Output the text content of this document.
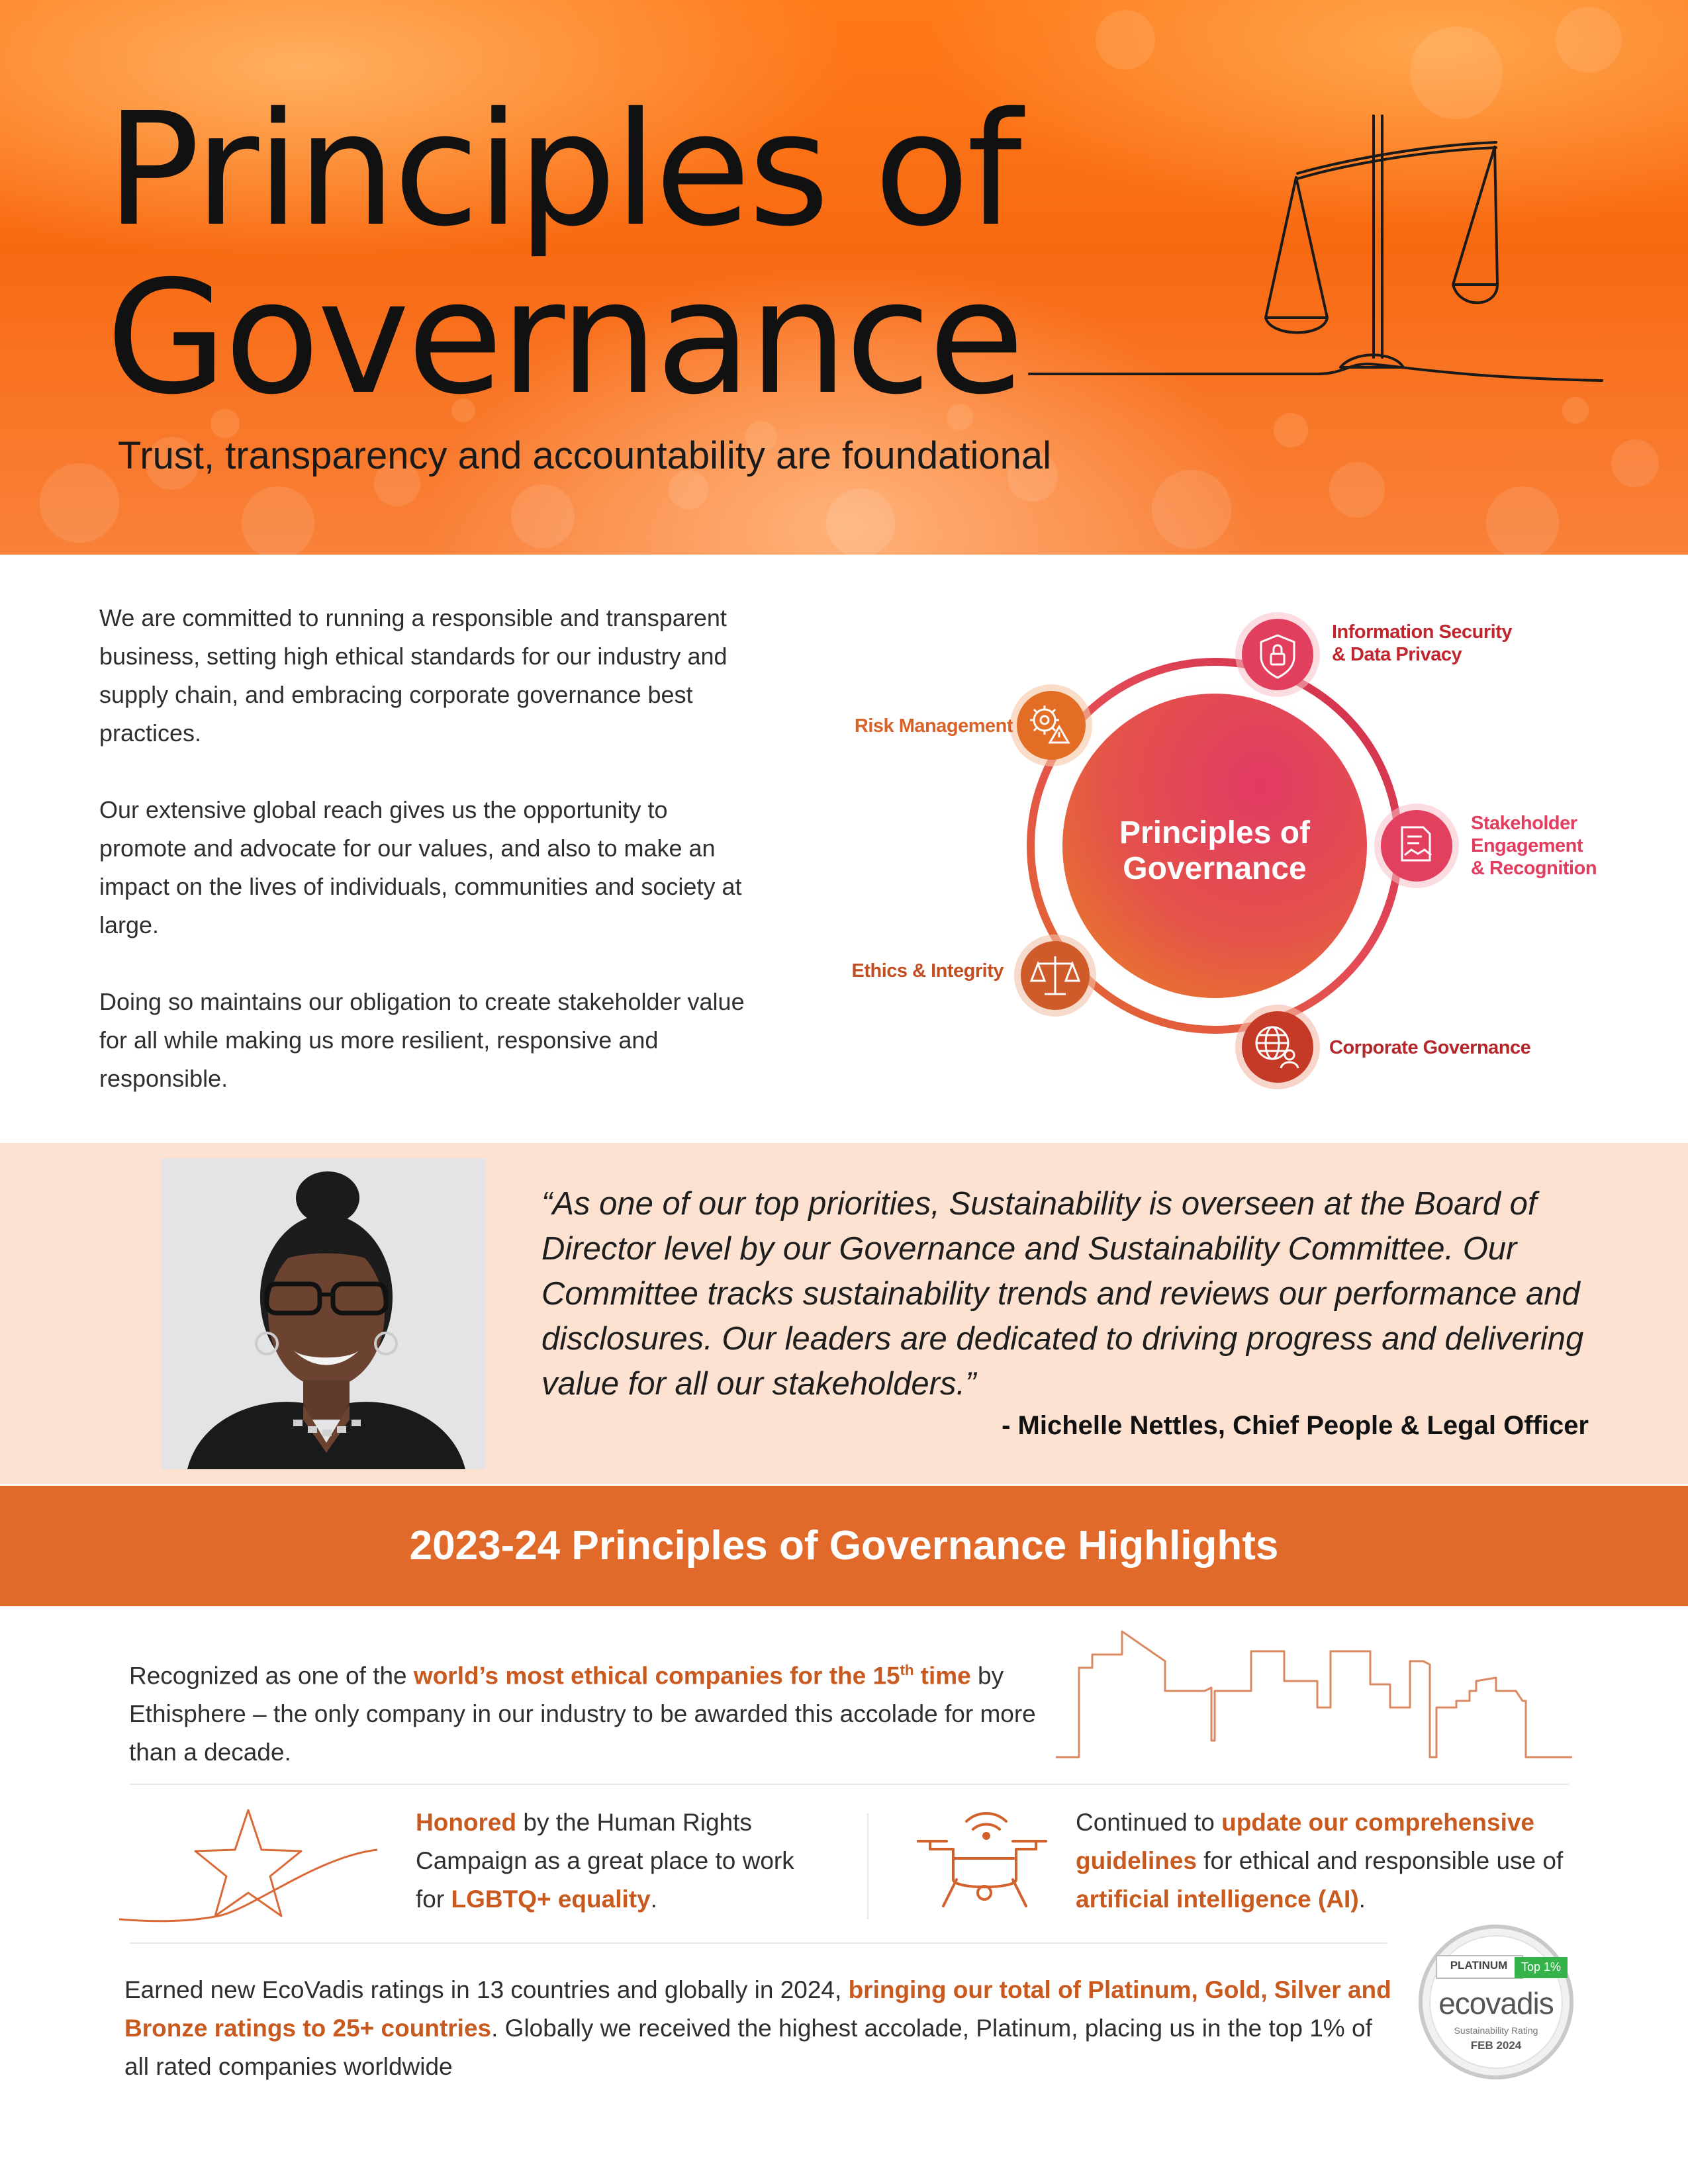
Principles of
Governance
Trust, transparency and accountability are foundational

We are committed to running a responsible and transparent business, setting high ethical standards for our industry and supply chain, and embracing corporate governance best practices.

Our extensive global reach gives us the opportunity to promote and advocate for our values, and also to make an impact on the lives of individuals, communities and society at large.

Doing so maintains our obligation to create stakeholder value for all while making us more resilient, responsive and responsible.

Principles of
Governance
Information Security
& Data Privacy
Risk Management
Stakeholder
Engagement
& Recognition
Ethics & Integrity
Corporate Governance
“As one of our top priorities, Sustainability is overseen at the Board of Director level by our Governance and Sustainability Committee. Our Committee tracks sustainability trends and reviews our performance and disclosures. Our leaders are dedicated to driving progress and delivering value for all our stakeholders.”
- Michelle Nettles, Chief People & Legal Officer
2023-24 Principles of Governance Highlights
Recognized as one of the world’s most ethical companies for the 15th time by Ethisphere – the only company in our industry to be awarded this accolade for more than a decade.
Honored by the Human Rights Campaign as a great place to work for LGBTQ+ equality.
Continued to update our comprehensive guidelines for ethical and responsible use of artificial intelligence (AI).
Earned new EcoVadis ratings in 13 countries and globally in 2024, bringing our total of Platinum, Gold, Silver and Bronze ratings to 25+ countries. Globally we received the highest accolade, Platinum, placing us in the top 1% of all rated companies worldwide
PLATINUM	Top 1%
ecovadis
Sustainability Rating
FEB 2024
